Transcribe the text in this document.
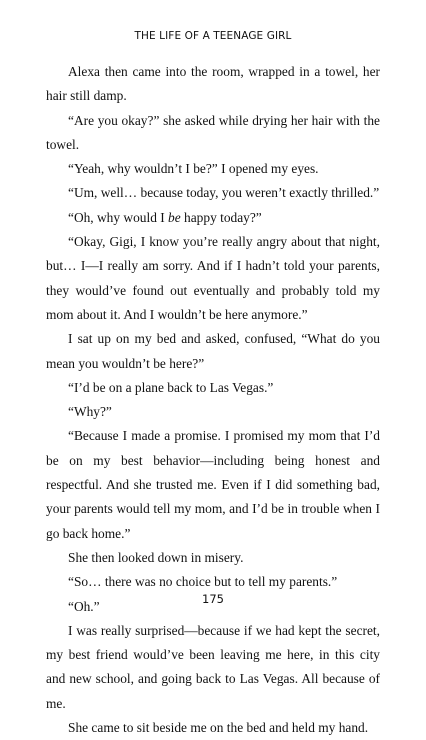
THE LIFE OF A TEENAGE GIRL

Alexa then came into the room, wrapped in a towel, her hair still damp.

“Are you okay?” she asked while drying her hair with the towel.

“Yeah, why wouldn’t I be?” I opened my eyes.

“Um, well… because today, you weren’t exactly thrilled.”

“Oh, why would I be happy today?”

“Okay, Gigi, I know you’re really angry about that night, but… I—I really am sorry. And if I hadn’t told your parents, they would’ve found out eventually and probably told my mom about it. And I wouldn’t be here anymore.”

I sat up on my bed and asked, confused, “What do you mean you wouldn’t be here?”

“I’d be on a plane back to Las Vegas.”

“Why?”

“Because I made a promise. I promised my mom that I’d be on my best behavior—including being honest and respectful. And she trusted me. Even if I did something bad, your parents would tell my mom, and I’d be in trouble when I go back home.”

She then looked down in misery.

“So… there was no choice but to tell my parents.”

“Oh.”

I was really surprised—because if we had kept the secret, my best friend would’ve been leaving me here, in this city and new school, and going back to Las Vegas. All because of me.

She came to sit beside me on the bed and held my hand.

175
